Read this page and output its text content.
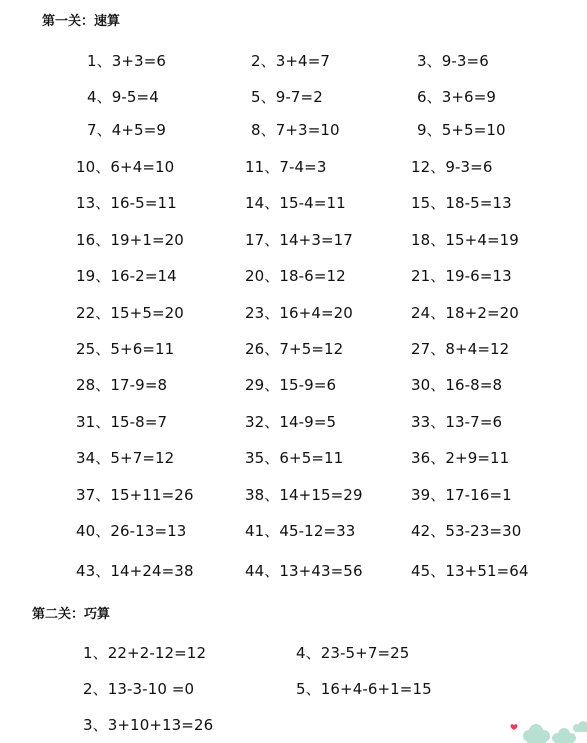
第一关：速算
1、3+3=6	2、3+4=7	3、9-3=6
4、9-5=4	5、9-7=2	6、3+6=9
7、4+5=9	8、7+3=10	9、5+5=10
10、6+4=10	11、7-4=3	12、9-3=6
13、16-5=11	14、15-4=11	15、18-5=13
16、19+1=20	17、14+3=17	18、15+4=19
19、16-2=14	20、18-6=12	21、19-6=13
22、15+5=20	23、16+4=20	24、18+2=20
25、5+6=11	26、7+5=12	27、8+4=12
28、17-9=8	29、15-9=6	30、16-8=8
31、15-8=7	32、14-9=5	33、13-7=6
34、5+7=12	35、6+5=11	36、2+9=11
37、15+11=26	38、14+15=29	39、17-16=1
40、26-13=13	41、45-12=33	42、53-23=30
43、14+24=38	44、13+43=56	45、13+51=64
第二关：巧算
1、22+2-12=12	4、23-5+7=25
2、13-3-10 =0	5、16+4-6+1=15
3、3+10+13=26
